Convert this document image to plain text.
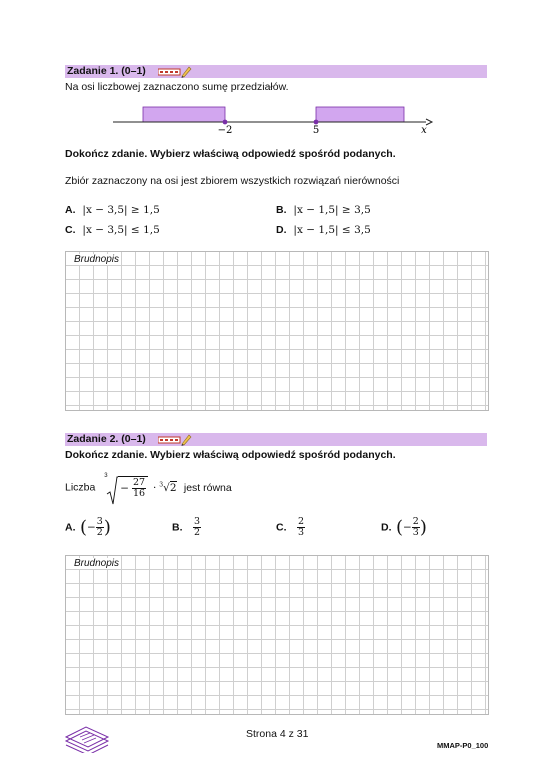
Zadanie 1. (0–1)
Na osi liczbowej zaznaczono sumę przedziałów.
−2	5	x
Dokończ zdanie. Wybierz właściwą odpowiedź spośród podanych.
Zbiór zaznaczony na osi jest zbiorem wszystkich rozwiązań nierówności
A. |x − 3,5| ≥ 1,5	B. |x − 1,5| ≥ 3,5
C. |x − 3,5| ≤ 1,5	D. |x − 1,5| ≤ 3,5
Brudnopis
Zadanie 2. (0–1)
Dokończ zdanie. Wybierz właściwą odpowiedź spośród podanych.
Liczba
3
− $\frac{27}{16} \cdot ^3√2$ jest równa
A. (− $\frac{3}{2}$ )	B. $\frac{3}{2}$	C. $\frac{2}{3}$	D. (− $\frac{2}{3}$ )
Brudnopis
Strona 4 z 31
MMAP-P0_100
